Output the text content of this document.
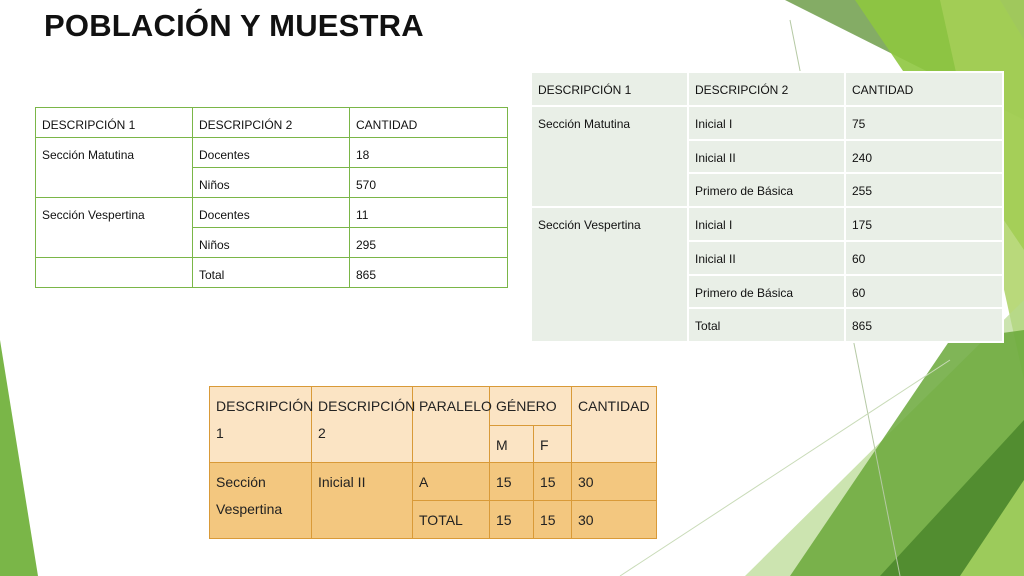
POBLACIÓN Y MUESTRA
DESCRIPCIÓN 1	DESCRIPCIÓN 2	CANTIDAD
Sección Matutina	Docentes	18
	Niños	570
Sección Vespertina	Docentes	11
	Niños	295
	Total	865
DESCRIPCIÓN 1	DESCRIPCIÓN 2	CANTIDAD
Sección Matutina	Inicial I	75
	Inicial II	240
	Primero de Básica	255
Sección Vespertina	Inicial I	175
	Inicial II	60
	Primero de Básica	60
	Total	865
DESCRIPCIÓN 1	DESCRIPCIÓN 2	PARALELO	GÉNERO		CANTIDAD
			M	F	
Sección Vespertina	Inicial II	A	15	15	30
		TOTAL	15	15	30
